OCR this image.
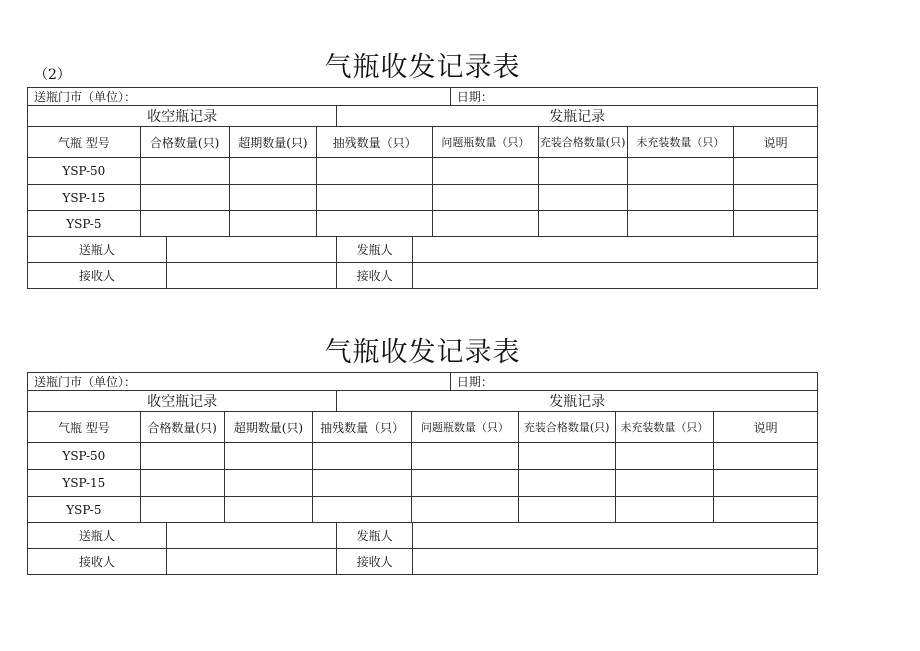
（2）	气瓶收发记录表
送瓶门市（单位）：	日期：
收空瓶记录	发瓶记录
气瓶 型号	合格数量(只)	超期数量(只)	抽残数量（只）	问题瓶数量（只） 充装合格数量(只) 未充装数量（只）	说明
YSP-50
YSP-15
YSP-5
送瓶人	发瓶人
接收人	接收人
气瓶收发记录表
送瓶门市（单位）：	日期：
收空瓶记录	发瓶记录
气瓶 型号	合格数量(只)	超期数量(只)	抽残数量（只）	问题瓶数量（只）	充装合格数量(只) 未充装数量（只）	说明
YSP-50
YSP-15
YSP-5
送瓶人	发瓶人
接收人	接收人
